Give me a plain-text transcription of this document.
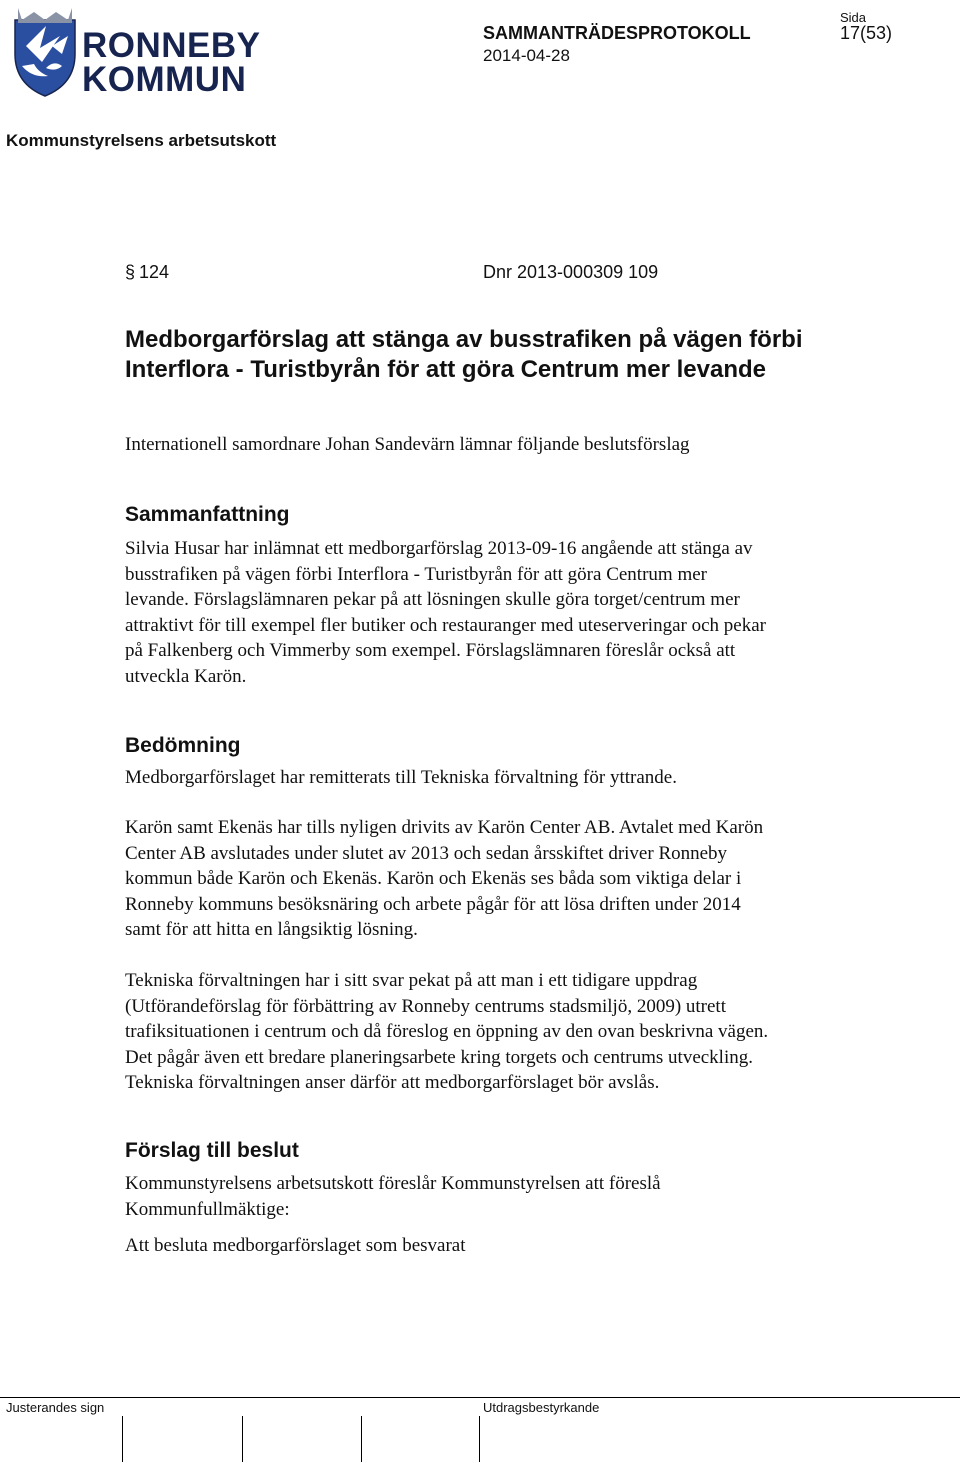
RONNEBY
KOMMUN
SAMMANTRÄDESPROTOKOLL
2014-04-28
Sida
17(53)
Kommunstyrelsens arbetsutskott
§ 124	Dnr 2013-000309 109
Medborgarförslag att stänga av busstrafiken på vägen förbi
Interflora - Turistbyrån för att göra Centrum mer levande
Internationell samordnare Johan Sandevärn lämnar följande beslutsförslag
Sammanfattning
Silvia Husar har inlämnat ett medborgarförslag 2013-09-16 angående att stänga av
busstrafiken på vägen förbi Interflora - Turistbyrån för att göra Centrum mer
levande. Förslagslämnaren pekar på att lösningen skulle göra torget/centrum mer
attraktivt för till exempel fler butiker och restauranger med uteserveringar och pekar
på Falkenberg och Vimmerby som exempel. Förslagslämnaren föreslår också att
utveckla Karön.
Bedömning
Medborgarförslaget har remitterats till Tekniska förvaltning för yttrande.
Karön samt Ekenäs har tills nyligen drivits av Karön Center AB. Avtalet med Karön
Center AB avslutades under slutet av 2013 och sedan årsskiftet driver Ronneby
kommun både Karön och Ekenäs. Karön och Ekenäs ses båda som viktiga delar i
Ronneby kommuns besöksnäring och arbete pågår för att lösa driften under 2014
samt för att hitta en långsiktig lösning.
Tekniska förvaltningen har i sitt svar pekat på att man i ett tidigare uppdrag
(Utförandeförslag för förbättring av Ronneby centrums stadsmiljö, 2009) utrett
trafiksituationen i centrum och då föreslog en öppning av den ovan beskrivna vägen.
Det pågår även ett bredare planeringsarbete kring torgets och centrums utveckling.
Tekniska förvaltningen anser därför att medborgarförslaget bör avslås.
Förslag till beslut
Kommunstyrelsens arbetsutskott föreslår Kommunstyrelsen att föreslå
Kommunfullmäktige:
Att besluta medborgarförslaget som besvarat
Justerandes sign	Utdragsbestyrkande
